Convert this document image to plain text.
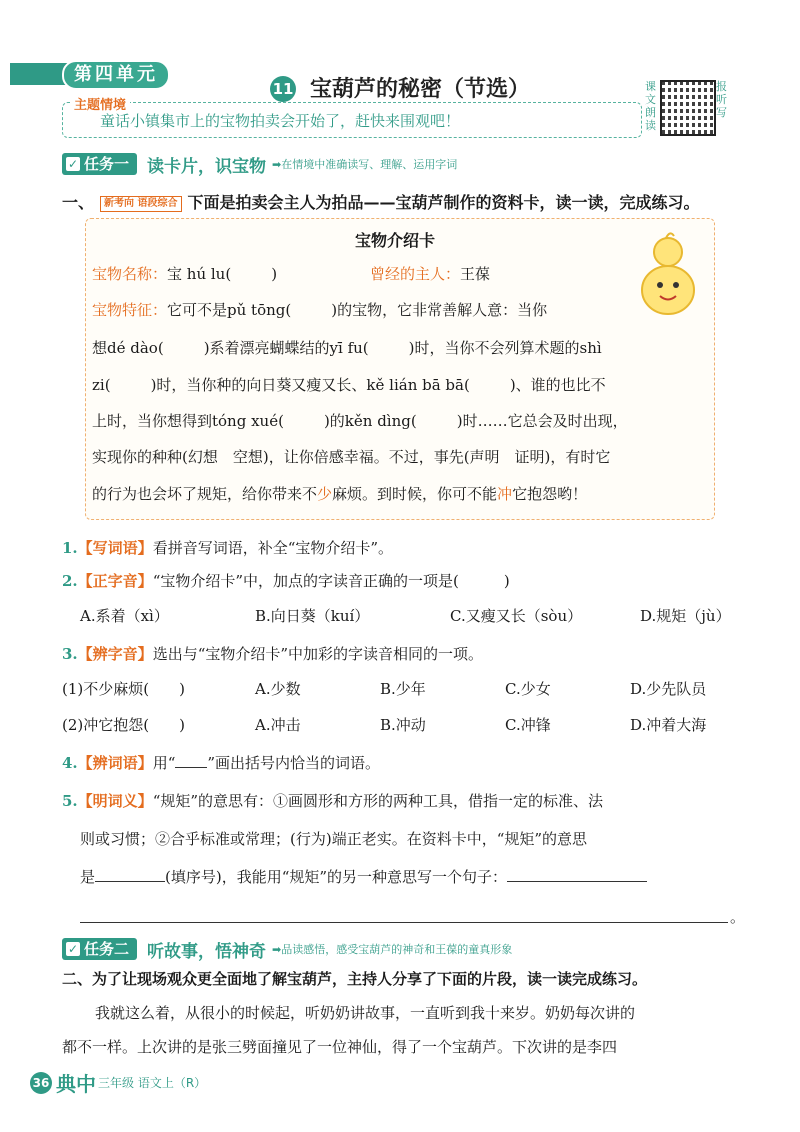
第四单元
主题情境
童话小镇集市上的宝物拍卖会开始了，赶快来围观吧！
11 宝葫芦的秘密（节选）	课文朗读
报听写
✓ 任务一 读卡片，识宝物 ➡在情境中准确读写、理解、运用字词
一、 新考向 语段综合 下面是拍卖会主人为拍品——宝葫芦制作的资料卡，读一读，完成练习。
宝物介绍卡
宝物名称：宝 hú lu(	)	曾经的主人：王葆
宝物特征：它可不是pǔ tōng(	)的宝物，它非常善解人意：当你
想dé dào(	)系着漂亮蝴蝶结的yī fu(	)时，当你不会列算术题的shì
zi(	)时，当你种的向日葵又瘦又长、kě lián bā bā(	)、谁的也比不
上时，当你想得到tóng xué(	)的kěn dìng(	)时……它总会及时出现，
实现你的种种(幻想　空想)，让你倍感幸福。不过，事先(声明　证明)，有时它
的行为也会坏了规矩，给你带来不少麻烦。到时候，你可不能冲它抱怨哟！
1.【写词语】看拼音写词语，补全“宝物介绍卡”。
2.【正字音】“宝物介绍卡”中，加点的字读音正确的一项是(　　　)
A.系着（xì）	B.向日葵（kuí）	C.又瘦又长（sòu）	D.规矩（jù）
3.【辨字音】选出与“宝物介绍卡”中加彩的字读音相同的一项。
(1)不少麻烦(　　)	A.少数	B.少年	C.少女	D.少先队员
(2)冲它抱怨(　　)	A.冲击	B.冲动	C.冲锋	D.冲着大海
4.【辨词语】用“ ”画出括号内恰当的词语。
5.【明词义】“规矩”的意思有：①画圆形和方形的两种工具，借指一定的标准、法
则或习惯；②合乎标准或常理；(行为)端正老实。在资料卡中，“规矩”的意思
是	(填序号)，我能用“规矩”的另一种意思写一个句子：
。
✓ 任务二 听故事，悟神奇 ➡品读感悟，感受宝葫芦的神奇和王葆的童真形象
二、为了让现场观众更全面地了解宝葫芦，主持人分享了下面的片段，读一读完成练习。
我就这么着，从很小的时候起，听奶奶讲故事，一直听到我十来岁。奶奶每次讲的
都不一样。上次讲的是张三劈面撞见了一位神仙，得了一个宝葫芦。下次讲的是李四
36 典中 三年级 语文上（R）
